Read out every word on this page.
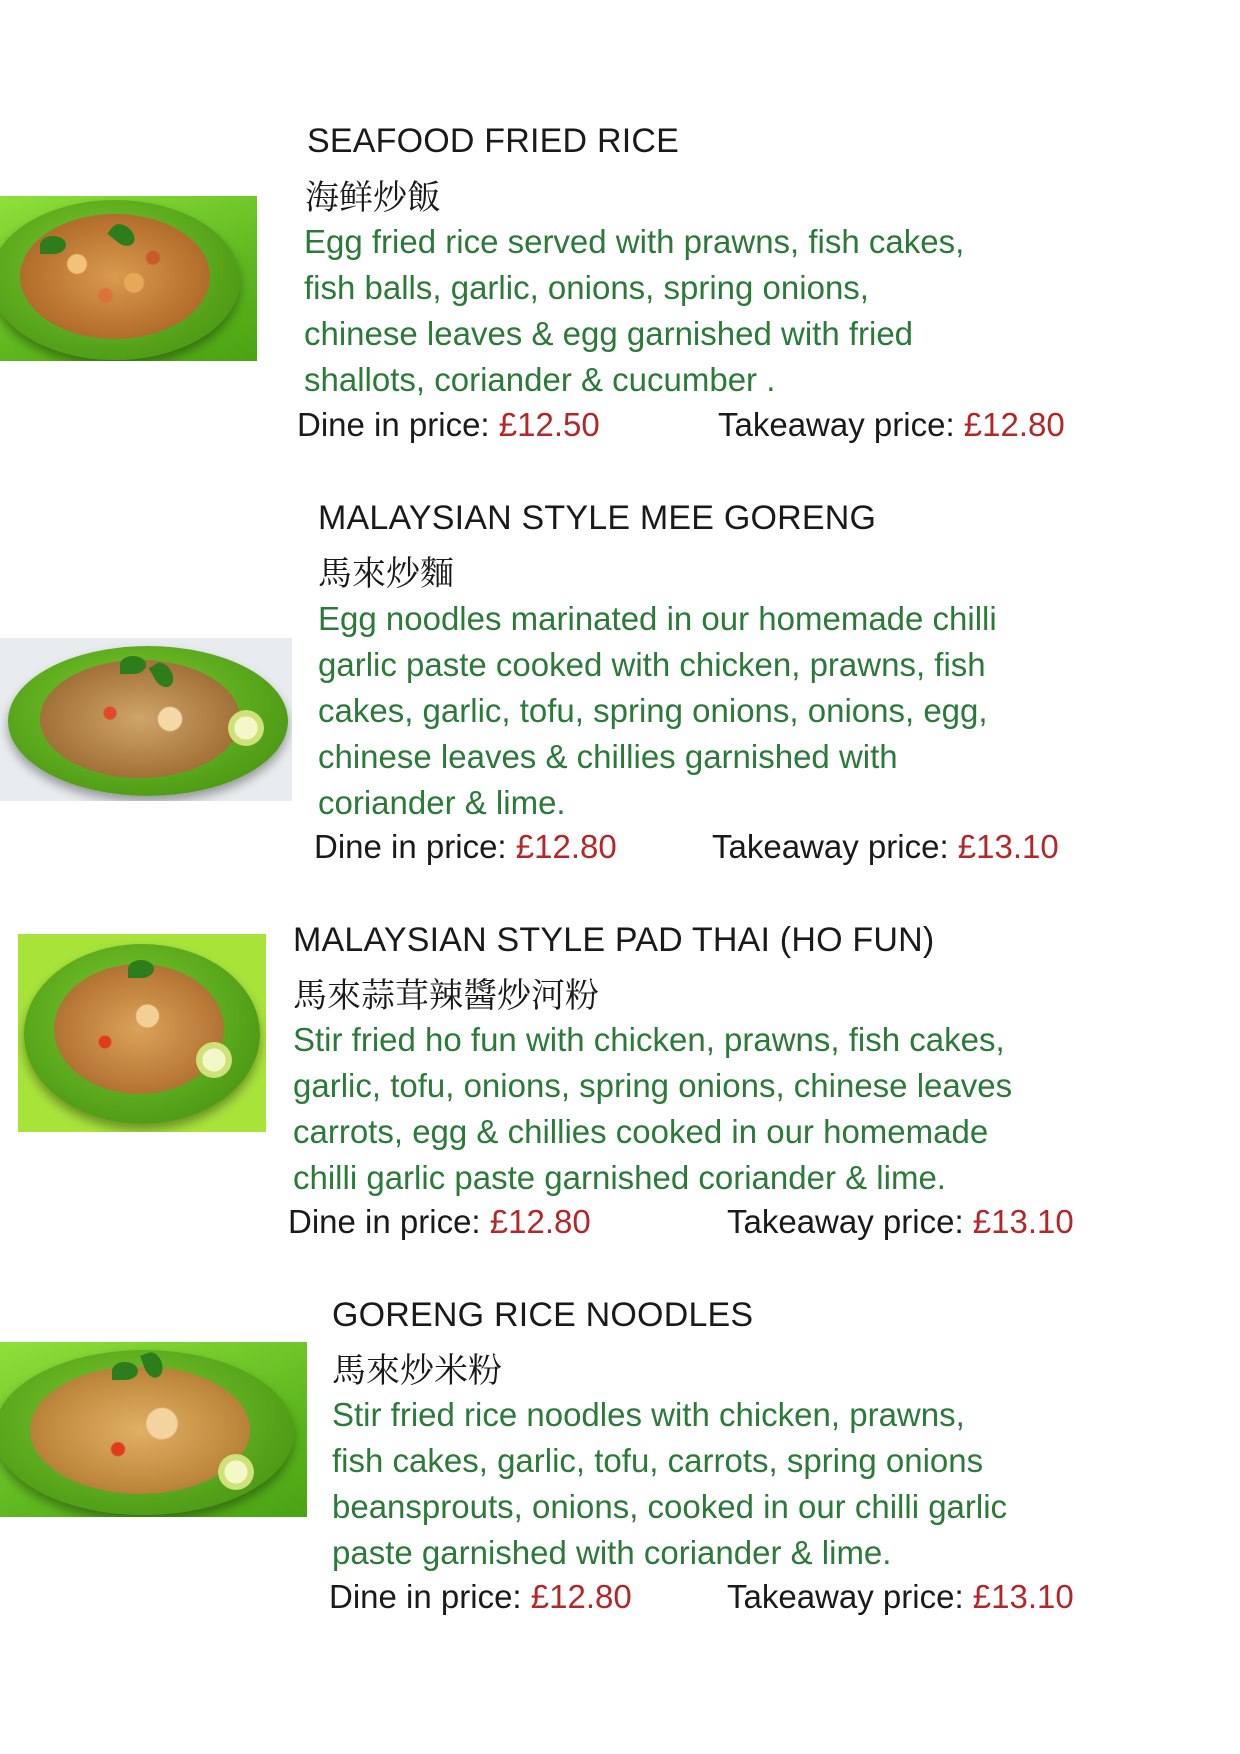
SEAFOOD FRIED RICE
海鲜炒飯
Egg fried rice served with prawns, fish cakes,
fish balls, garlic, onions, spring onions,
chinese leaves & egg garnished with fried
shallots, coriander & cucumber .
Dine in price: £12.50	Takeaway price: £12.80
MALAYSIAN STYLE MEE GORENG
馬來炒麵
Egg noodles marinated in our homemade chilli
garlic paste cooked with chicken, prawns, fish
cakes, garlic, tofu, spring onions, onions, egg,
chinese leaves & chillies garnished with
coriander & lime.
Dine in price: £12.80	Takeaway price: £13.10
MALAYSIAN STYLE PAD THAI (HO FUN)
馬來蒜茸辣醬炒河粉
Stir fried ho fun with chicken, prawns, fish cakes,
garlic, tofu, onions, spring onions, chinese leaves
carrots, egg & chillies cooked in our homemade
chilli garlic paste garnished coriander & lime.
Dine in price: £12.80	Takeaway price: £13.10
GORENG RICE NOODLES
馬來炒米粉
Stir fried rice noodles with chicken, prawns,
fish cakes, garlic, tofu, carrots, spring onions
beansprouts, onions, cooked in our chilli garlic
paste garnished with coriander & lime.
Dine in price: £12.80	Takeaway price: £13.10
